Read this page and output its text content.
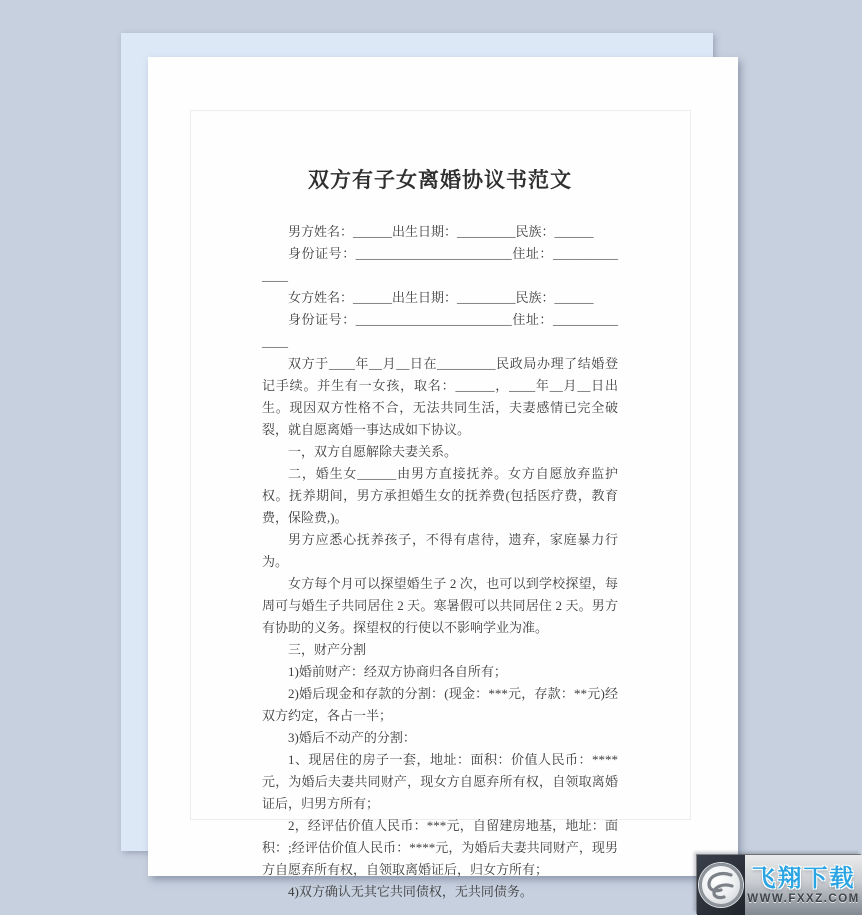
双方有子女离婚协议书范文

男方姓名：______出生日期：_________民族：______

身份证号：________________________住址：______________

女方姓名：______出生日期：_________民族：______

身份证号：________________________住址：______________

双方于____年__月__日在_________民政局办理了结婚登记手续。并生有一女孩，取名：______，____年__月__日出生。现因双方性格不合，无法共同生活，夫妻感情已完全破裂，就自愿离婚一事达成如下协议。

一，双方自愿解除夫妻关系。

二，婚生女______由男方直接抚养。女方自愿放弃监护权。抚养期间，男方承担婚生女的抚养费(包括医疗费，教育费，保险费,)。

男方应悉心抚养孩子，不得有虐待，遗弃，家庭暴力行为。

女方每个月可以探望婚生子 2 次，也可以到学校探望，每周可与婚生子共同居住 2 天。寒暑假可以共同居住 2 天。男方有协助的义务。探望权的行使以不影响学业为准。

三，财产分割

1)婚前财产：经双方协商归各自所有；

2)婚后现金和存款的分割：(现金：***元，存款：**元)经双方约定，各占一半；

3)婚后不动产的分割：

1、现居住的房子一套，地址：面积：价值人民币：****元，为婚后夫妻共同财产，现女方自愿弃所有权，自领取离婚证后，归男方所有；

2，经评估价值人民币：***元，自留建房地基，地址：面积：;经评估价值人民币：****元，为婚后夫妻共同财产，现男方自愿弃所有权，自领取离婚证后，归女方所有；

4)双方确认无其它共同债权，无共同债务。	飞翔下载
WWW.FXXZ.COM
